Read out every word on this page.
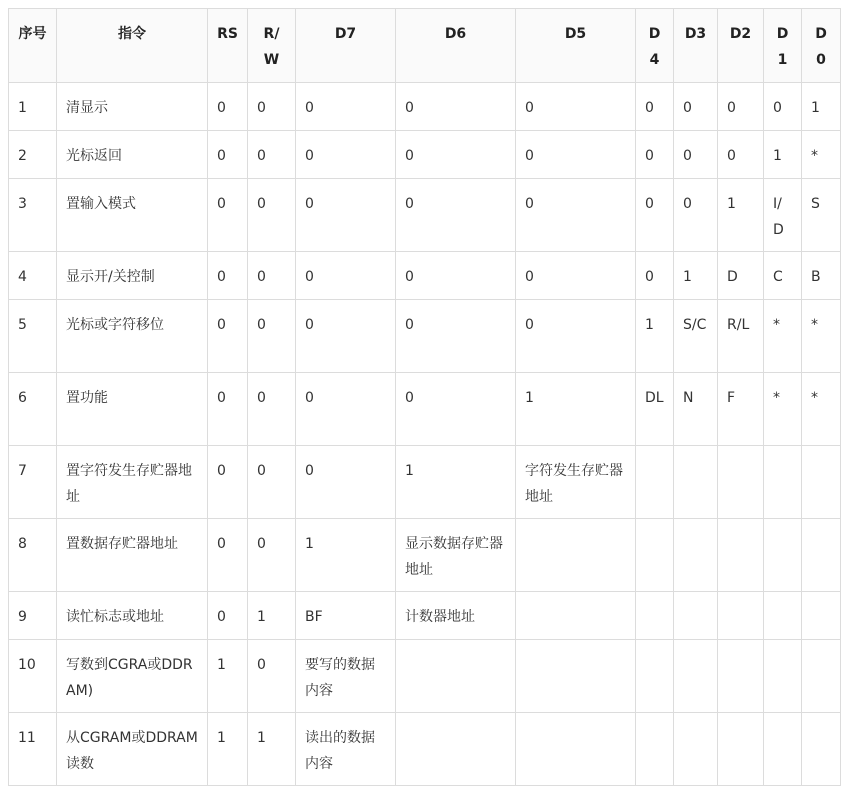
序号	指令	RS	R/W	D7	D6	D5	D4	D3	D2	D1	D0
1	清显示	0	0	0	0	0	0	0	0	0	1
2	光标返回	0	0	0	0	0	0	0	0	1	*
3	置输入模式	0	0	0	0	0	0	0	1	I/D	S
4	显示开/关控制	0	0	0	0	0	0	1	D	C	B
5	光标或字符移位	0	0	0	0	0	1	S/C	R/L	*	*
6	置功能	0	0	0	0	1	DL	N	F	*	*
7	置字符发生存贮器地址	0	0	0	1	字符发生存贮器地址					
8	置数据存贮器地址	0	0	1	显示数据存贮器地址						
9	读忙标志或地址	0	1	BF	计数器地址						
10	写数到CGRA或DDRAM)	1	0	要写的数据内容							
11	从CGRAM或DDRAM读数	1	1	读出的数据内容							
